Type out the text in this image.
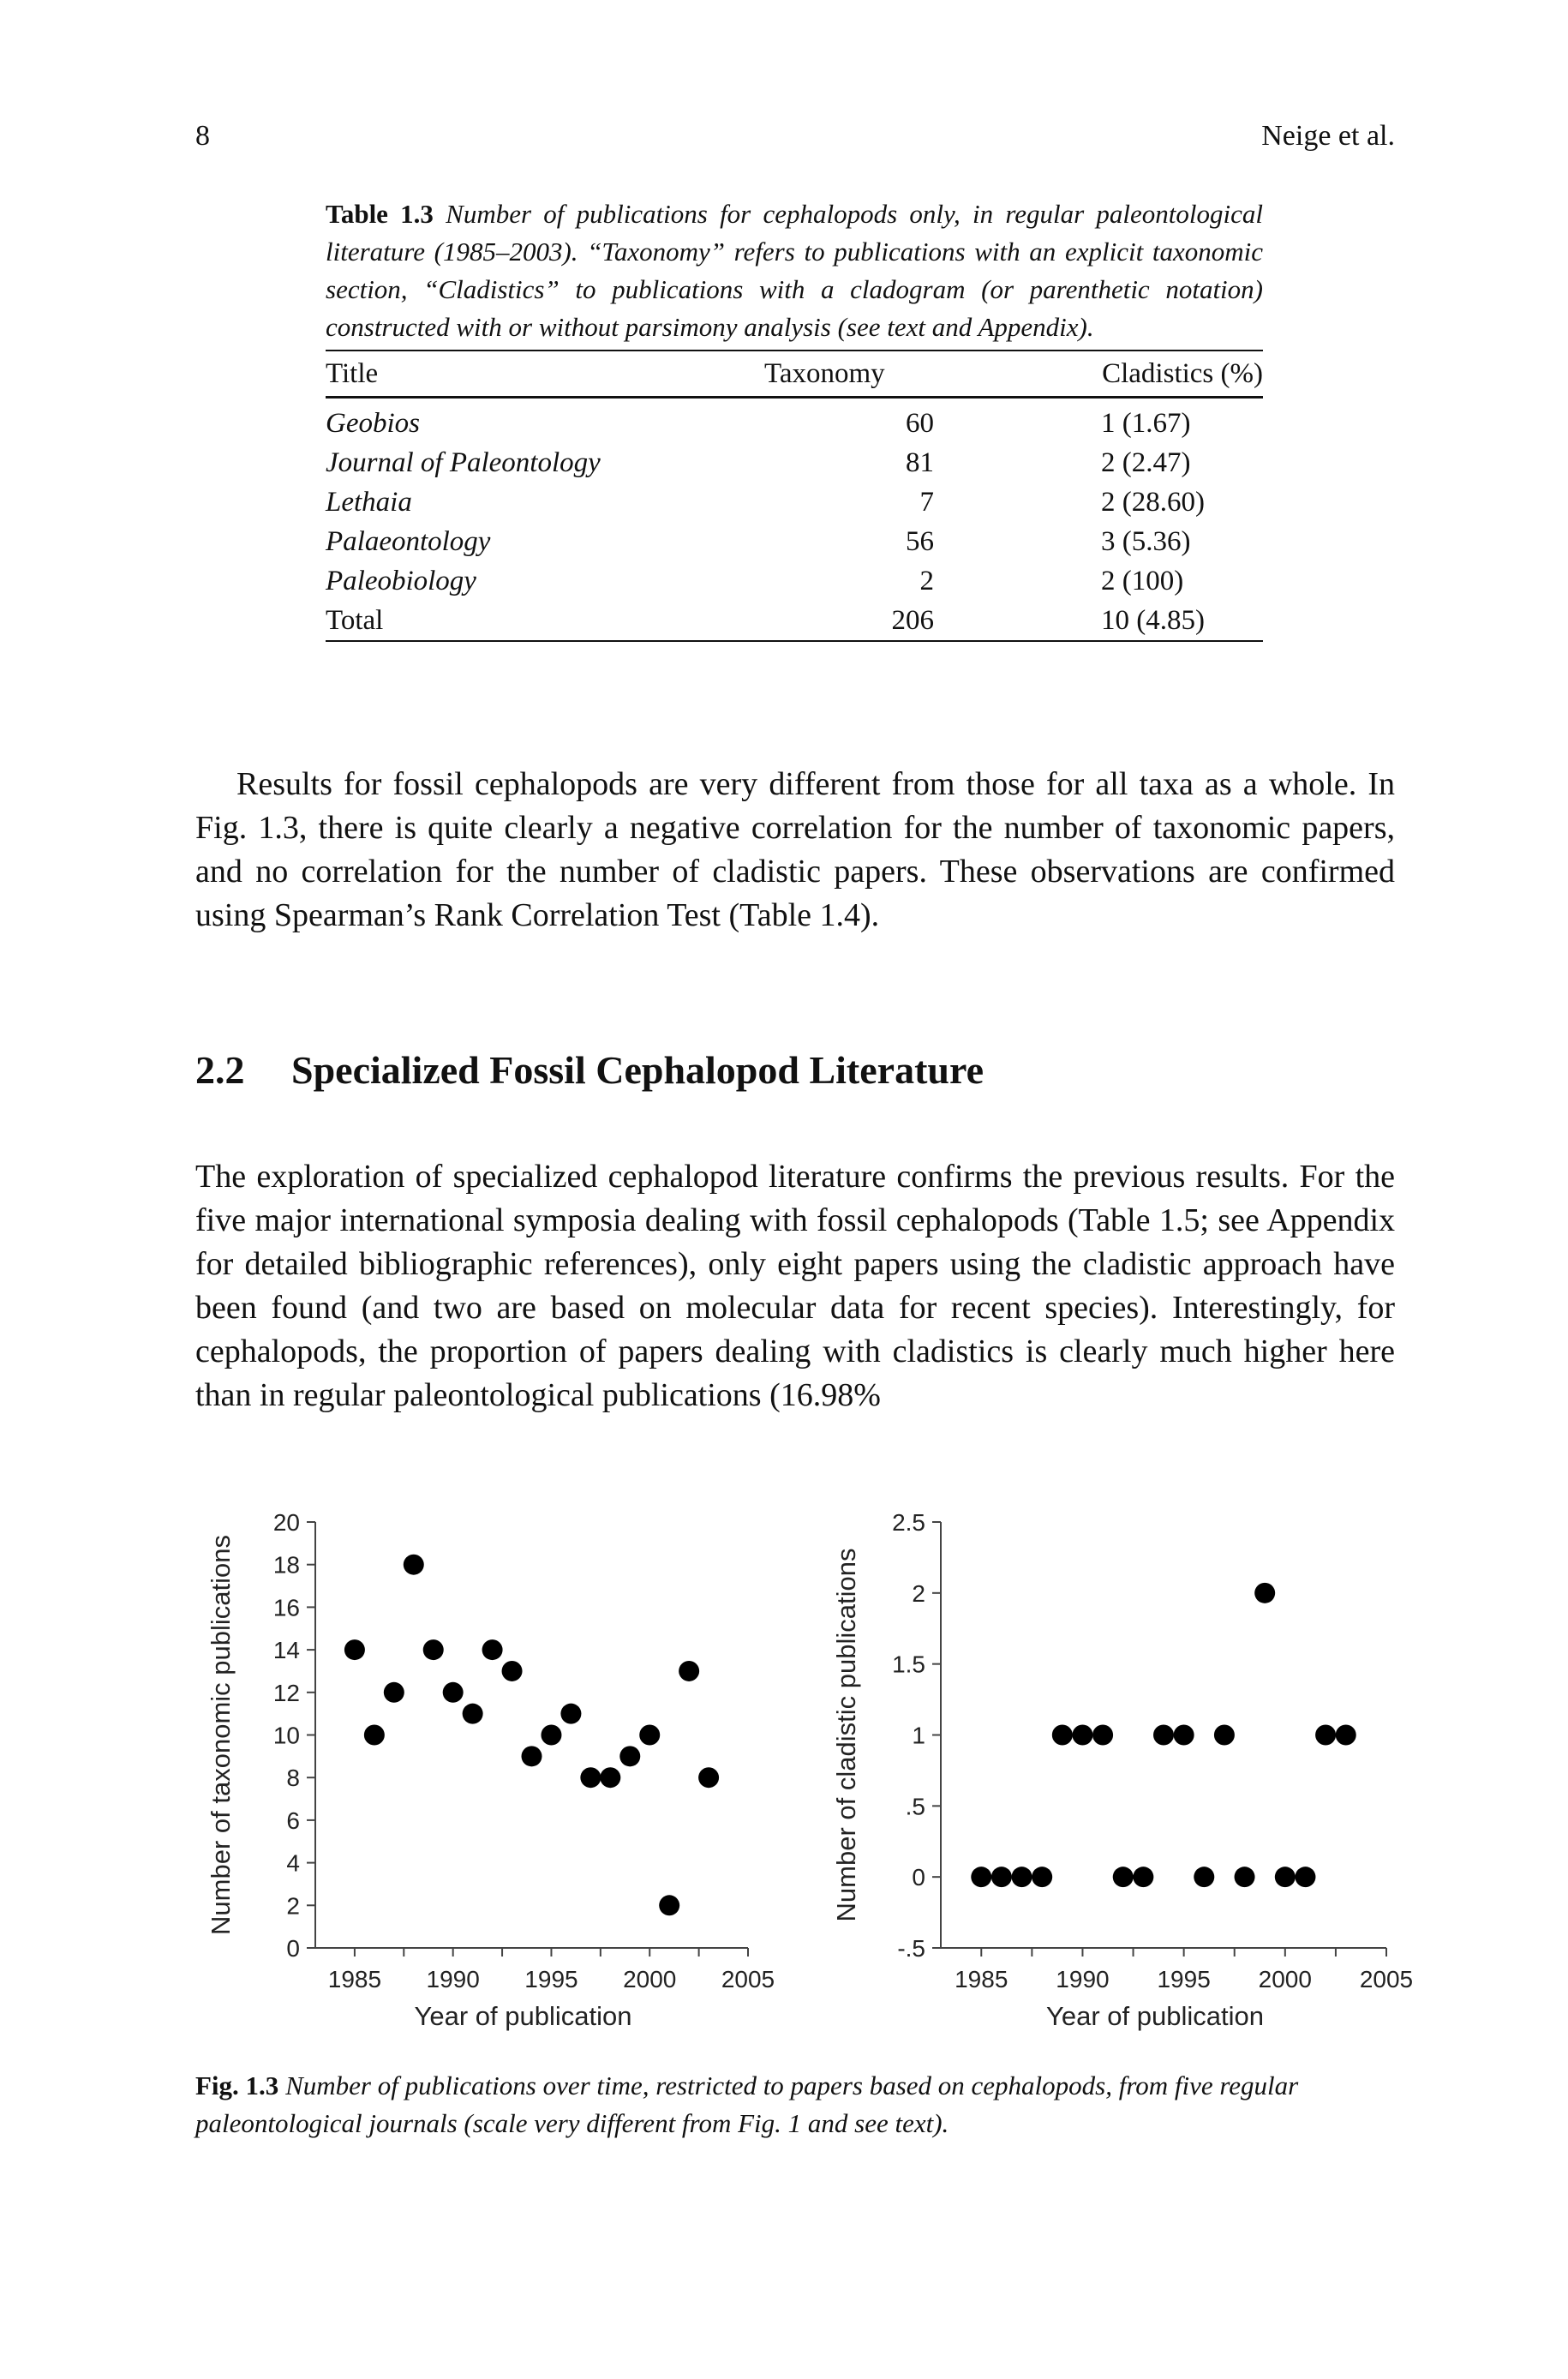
8	Neige et al.

Table 1.3 Number of publications for cephalopods only, in regular paleontological literature (1985–2003). “Taxonomy” refers to publications with an explicit taxonomic section, “Cladistics” to publications with a cladogram (or parenthetic notation) constructed with or without parsimony analysis (see text and Appendix).

Title	Taxonomy	Cladistics (%)
Geobios	60	1 (1.67)
Journal of Paleontology	81	2 (2.47)
Lethaia	7	2 (28.60)
Palaeontology	56	3 (5.36)
Paleobiology	2	2 (100)
Total	206	10 (4.85)

Results for fossil cephalopods are very different from those for all taxa as a whole. In Fig. 1.3, there is quite clearly a negative correlation for the number of taxonomic papers, and no correlation for the number of cladistic papers. These observations are confirmed using Spearman’s Rank Correlation Test (Table 1.4).

2.2 Specialized Fossil Cephalopod Literature

The exploration of specialized cephalopod literature confirms the previous results. For the five major international symposia dealing with fossil cephalopods (Table 1.5; see Appendix for detailed bibliographic references), only eight papers using the cladistic approach have been found (and two are based on molecular data for recent species). Interestingly, for cephalopods, the proportion of papers dealing with cladistics is clearly much higher here than in regular paleontological publications (16.98%

0
2
4
6
8
10
12
14
16
18
20
1985 1990 1995 2000 2005
Year of publication
Number of taxonomic publications
-.5
0
.5
1
1.5
2
2.5
1985 1990 1995 2000 2005
Year of publication
Number of cladistic publications

Fig. 1.3 Number of publications over time, restricted to papers based on cephalopods, from five regular paleontological journals (scale very different from Fig. 1 and see text).
